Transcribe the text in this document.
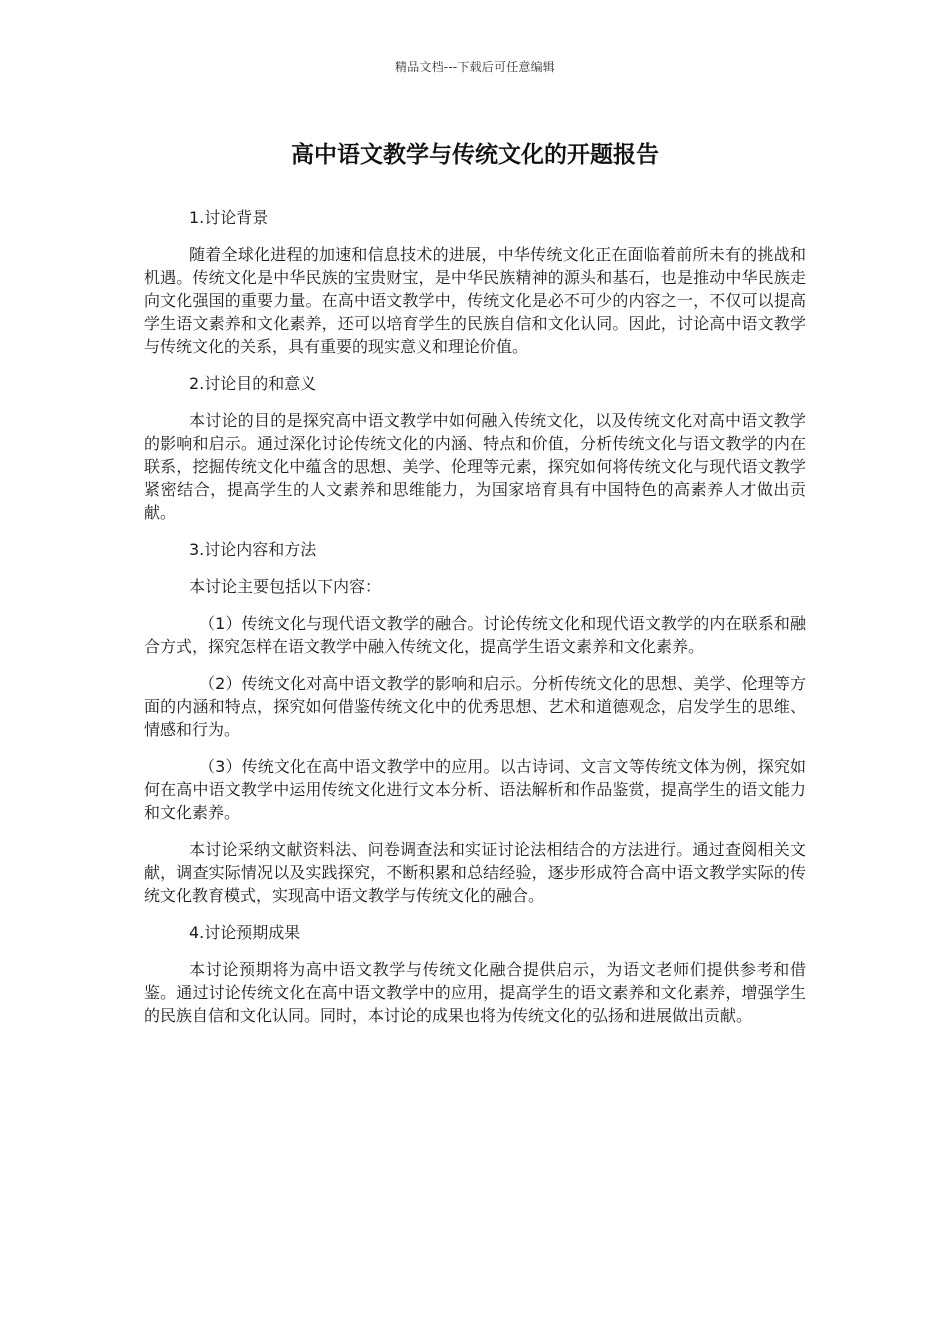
精品文档---下载后可任意编辑
高中语文教学与传统文化的开题报告

1.讨论背景

随着全球化进程的加速和信息技术的进展，中华传统文化正在面临着前所未有的挑战和机遇。传统文化是中华民族的宝贵财宝，是中华民族精神的源头和基石，也是推动中华民族走向文化强国的重要力量。在高中语文教学中，传统文化是必不可少的内容之一，不仅可以提高学生语文素养和文化素养，还可以培育学生的民族自信和文化认同。因此，讨论高中语文教学与传统文化的关系，具有重要的现实意义和理论价值。

2.讨论目的和意义

本讨论的目的是探究高中语文教学中如何融入传统文化，以及传统文化对高中语文教学的影响和启示。通过深化讨论传统文化的内涵、特点和价值，分析传统文化与语文教学的内在联系，挖掘传统文化中蕴含的思想、美学、伦理等元素，探究如何将传统文化与现代语文教学紧密结合，提高学生的人文素养和思维能力，为国家培育具有中国特色的高素养人才做出贡献。

3.讨论内容和方法

本讨论主要包括以下内容：

（1）传统文化与现代语文教学的融合。讨论传统文化和现代语文教学的内在联系和融合方式，探究怎样在语文教学中融入传统文化，提高学生语文素养和文化素养。

（2）传统文化对高中语文教学的影响和启示。分析传统文化的思想、美学、伦理等方面的内涵和特点，探究如何借鉴传统文化中的优秀思想、艺术和道德观念，启发学生的思维、情感和行为。

（3）传统文化在高中语文教学中的应用。以古诗词、文言文等传统文体为例，探究如何在高中语文教学中运用传统文化进行文本分析、语法解析和作品鉴赏，提高学生的语文能力和文化素养。

本讨论采纳文献资料法、问卷调查法和实证讨论法相结合的方法进行。通过查阅相关文献，调查实际情况以及实践探究，不断积累和总结经验，逐步形成符合高中语文教学实际的传统文化教育模式，实现高中语文教学与传统文化的融合。

4.讨论预期成果

本讨论预期将为高中语文教学与传统文化融合提供启示，为语文老师们提供参考和借鉴。通过讨论传统文化在高中语文教学中的应用，提高学生的语文素养和文化素养，增强学生的民族自信和文化认同。同时，本讨论的成果也将为传统文化的弘扬和进展做出贡献。
